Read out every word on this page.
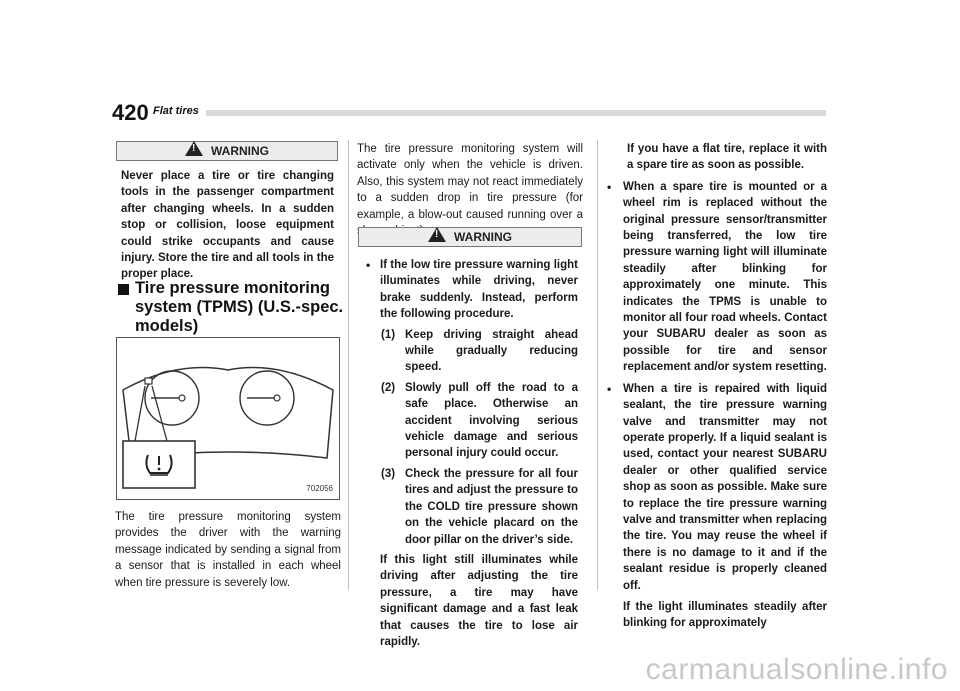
420 Flat tires
!
WARNING

Never place a tire or tire changing tools in the passenger compartment after changing wheels. In a sudden stop or collision, loose equipment could strike occupants and cause injury. Store the tire and all tools in the proper place.

Tire pressure monitoring
system (TPMS) (U.S.-spec.
models)
702056

The tire pressure monitoring system provides the driver with the warning message indicated by sending a signal from a sensor that is installed in each wheel when tire pressure is severely low.

The tire pressure monitoring system will activate only when the vehicle is driven. Also, this system may not react immediately to a sudden drop in tire pressure (for example, a blow-out caused running over a

!
WARNING
• If the low tire pressure warning light illuminates while driving, never brake suddenly. Instead, perform the following procedure.

(1) Keep driving straight ahead while gradually reducing speed.

(2) Slowly pull off the road to a safe place. Otherwise an accident involving serious vehicle damage and serious personal injury could occur.

(3) Check the pressure for all four tires and adjust the pressure to the COLD tire pressure shown on the vehicle placard on the door pillar on the driver’s side.

If this light still illuminates while driving after adjusting the tire pressure, a tire may have significant damage and a fast leak that causes the tire to lose air rapidly.

If you have a flat tire, replace it with a spare tire as soon as possible.

•	When a spare tire is mounted or a wheel rim is replaced without the original pressure sensor/transmitter being transferred, the low tire pressure warning light will illuminate steadily after blinking for approximately one minute. This indicates the TPMS is unable to monitor all four road wheels. Contact your SUBARU dealer as soon as possible for tire and sensor replacement and/or system resetting.

•	When a tire is repaired with liquid sealant, the tire pressure warning valve and transmitter may not operate properly. If a liquid sealant is used, contact your nearest SUBARU dealer or other qualified service shop as soon as possible. Make sure to replace the tire pressure warning valve and transmitter when replacing the tire. You may reuse the wheel if there is no damage to it and if the sealant residue is properly cleaned off.

If the light illuminates steadily after blinking for approximately

carmanualsonline.info
